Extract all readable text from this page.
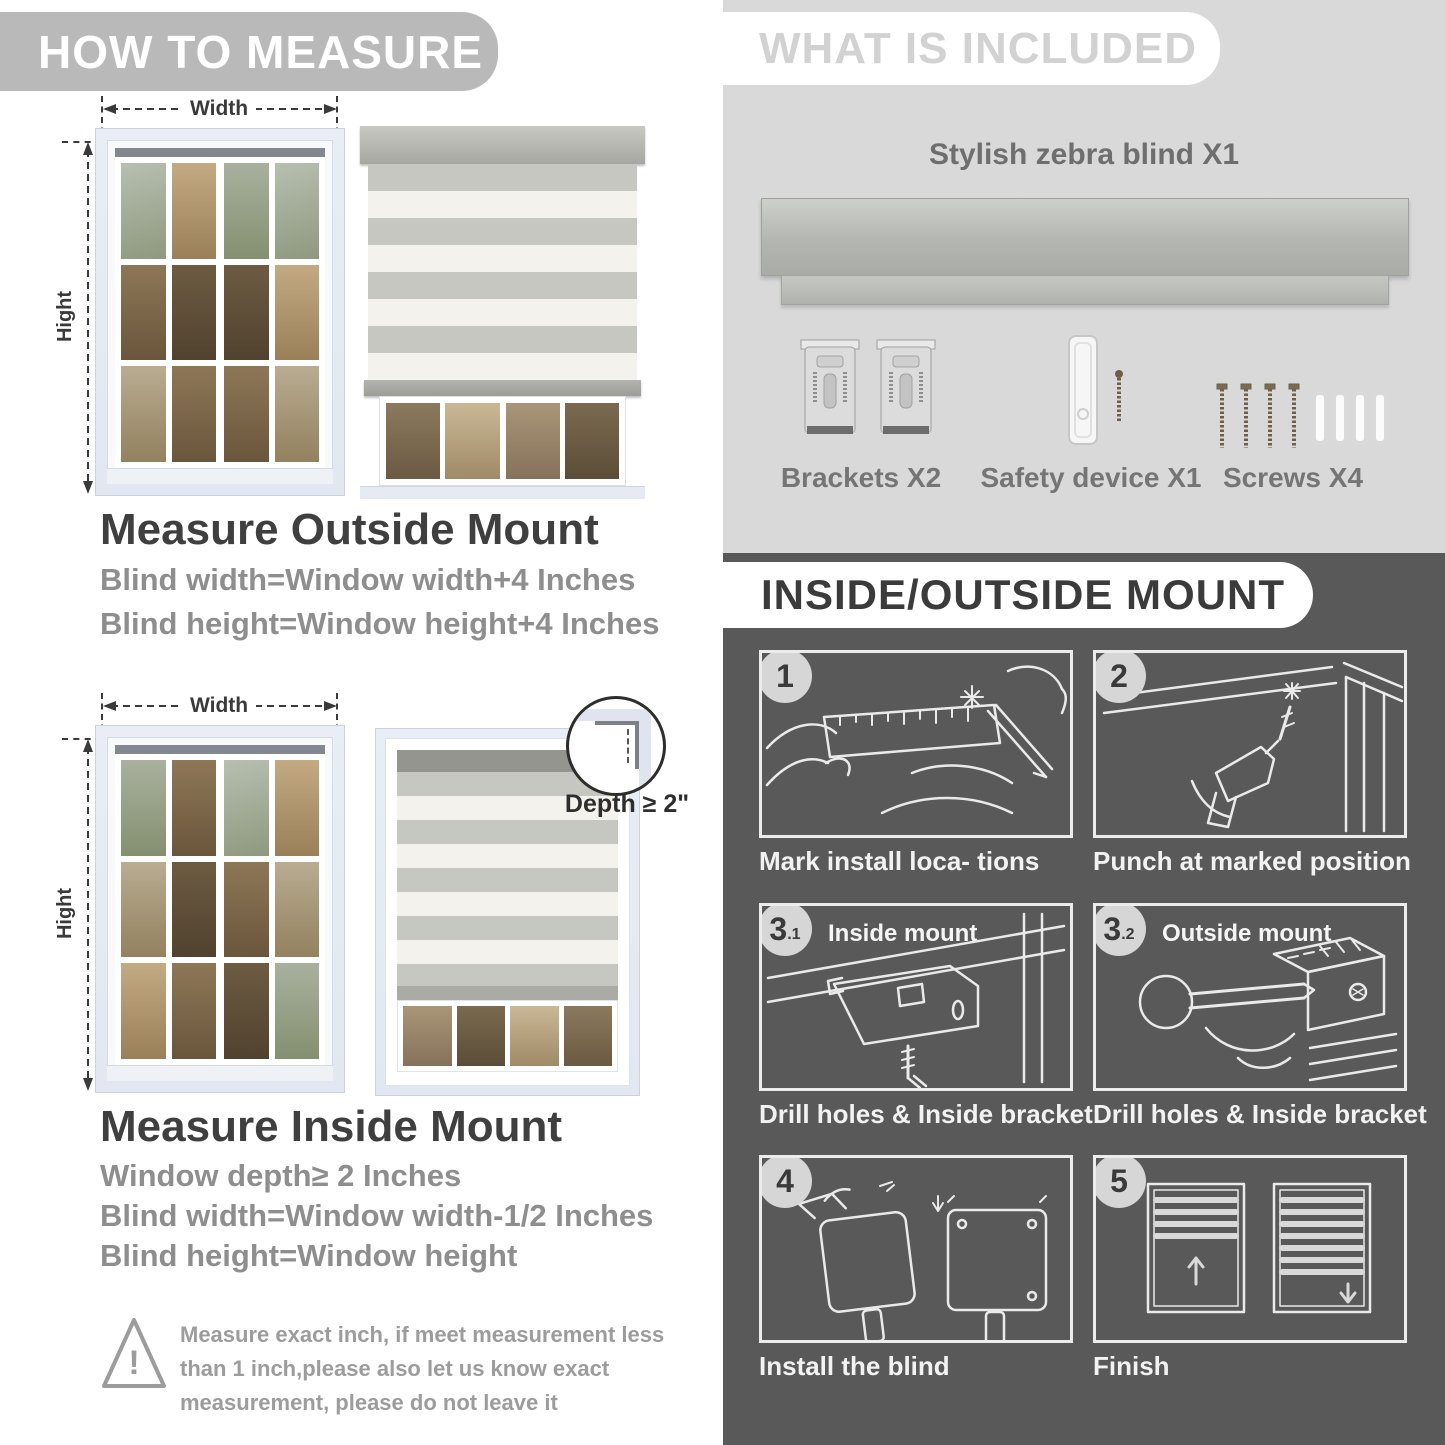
HOW TO MEASURE
Width
Hight
Measure Outside Mount
Blind width=Window width+4 Inches
Blind height=Window height+4 Inches
Width
Hight
Depth ≥ 2"
Measure Inside Mount
Window depth≥ 2 Inches
Blind width=Window width-1/2 Inches
Blind height=Window height
!
Measure exact inch, if meet measurement less
than 1 inch,please also let us know exact
measurement, please do not leave it
WHAT IS INCLUDED
Stylish zebra blind X1
Brackets X2	Safety device X1 Screws X4
INSIDE/OUTSIDE MOUNT
1
Mark install loca- tions
2
Punch at marked position
3 .1 Inside mount
Drill holes & Inside bracket
3 .2 Outside mount
Drill holes & Inside bracket
4
Install the blind
5
Finish
